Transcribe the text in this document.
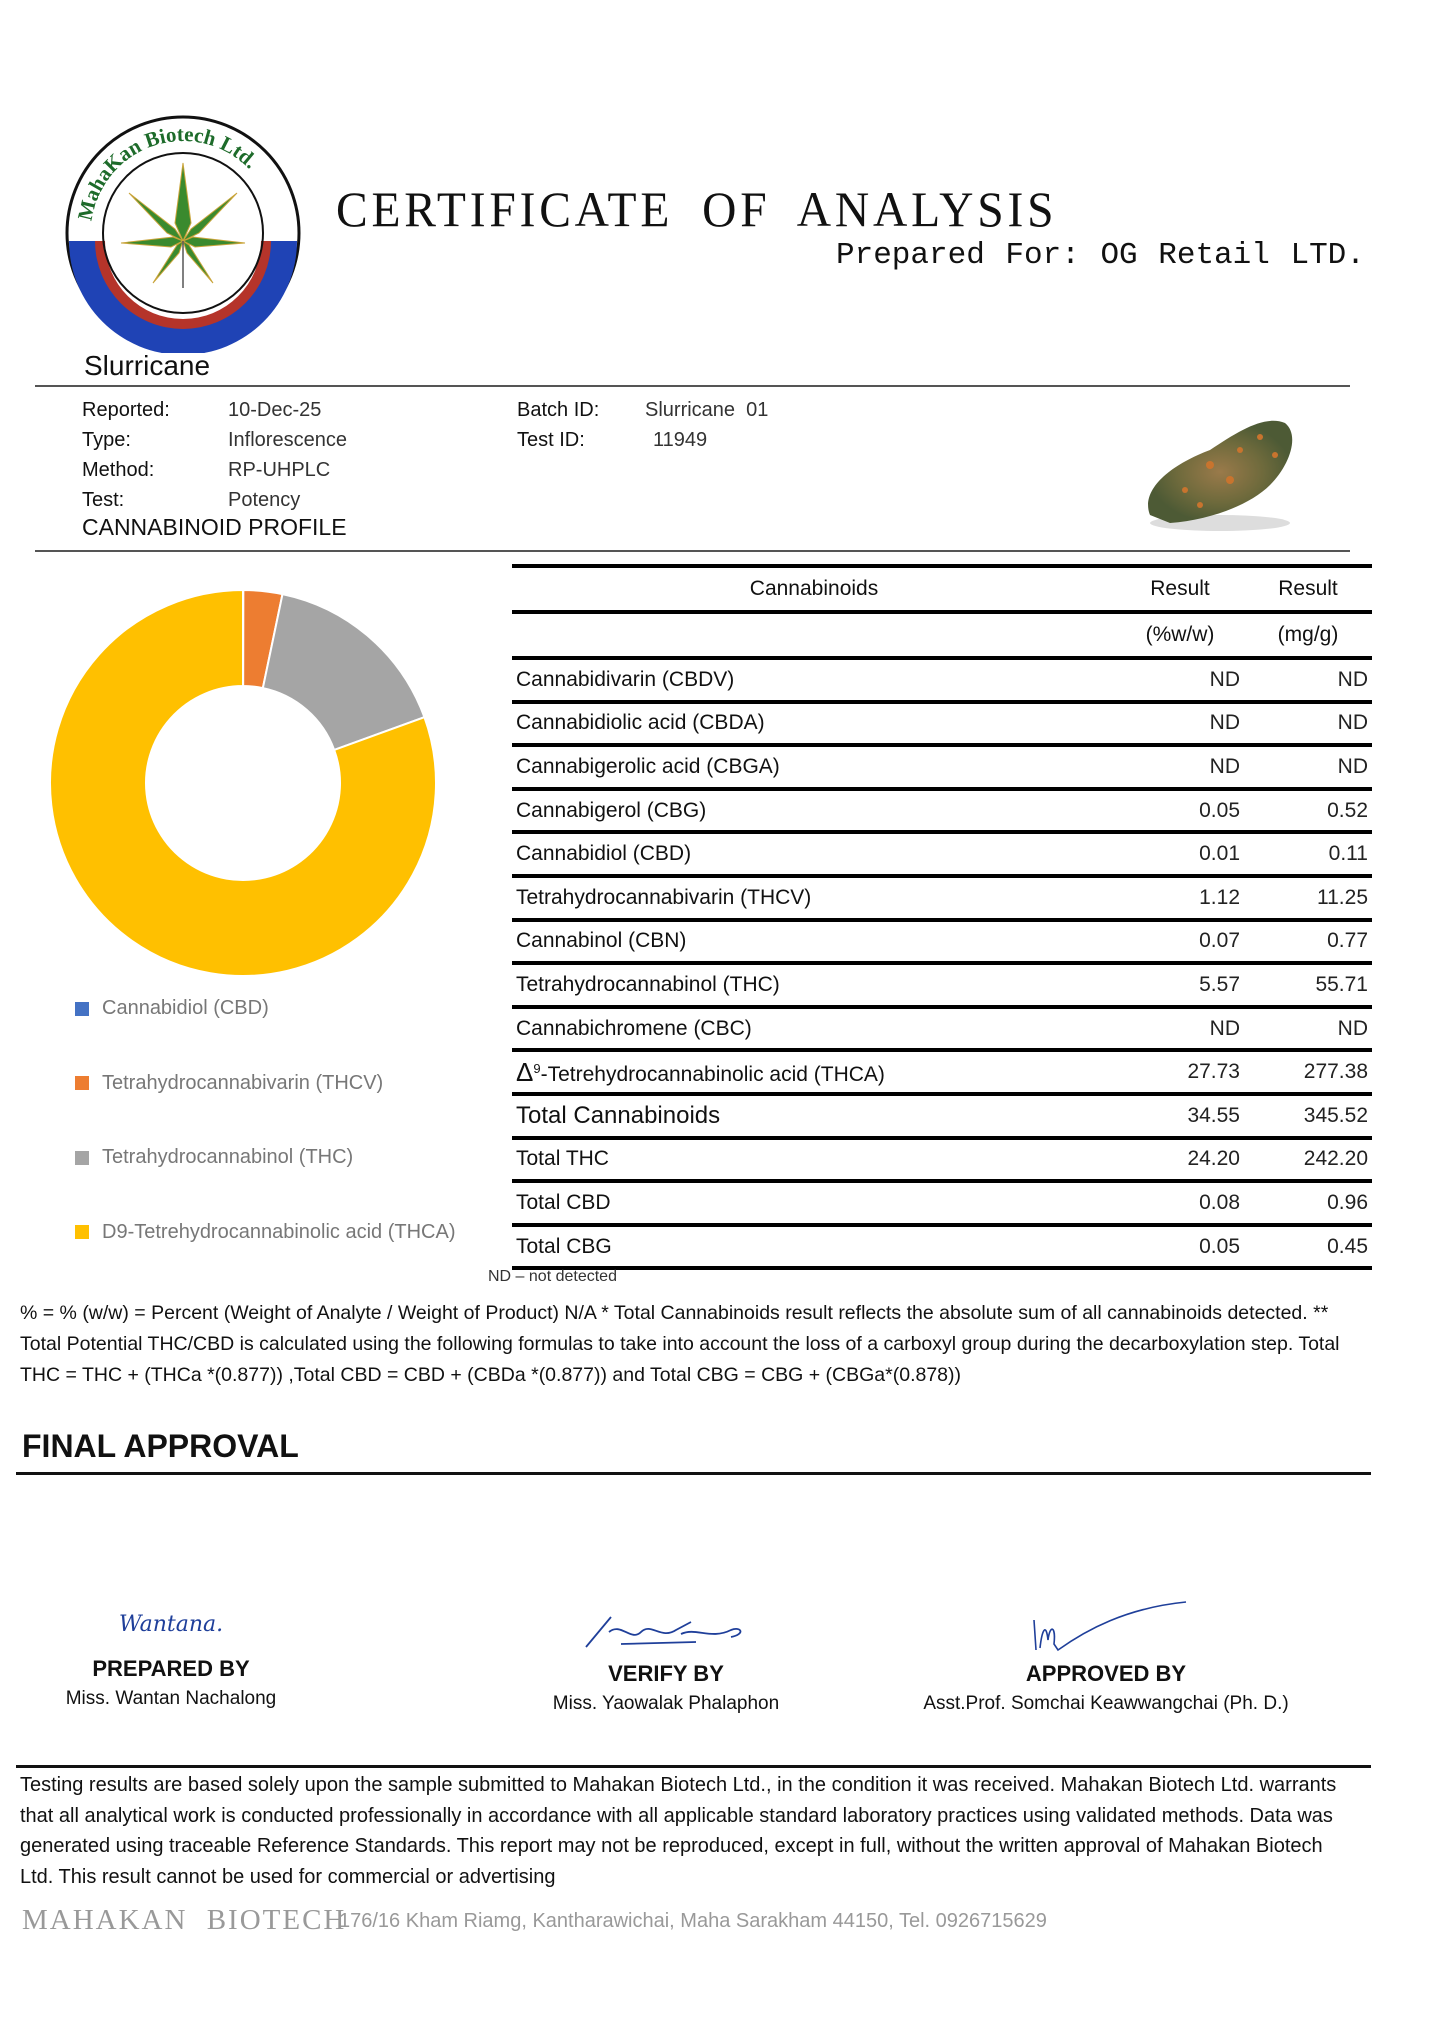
MahaKan Biotech Ltd.
CERTIFICATE OF ANALYSIS
Prepared For: OG Retail LTD.
Slurricane
Reported:	10-Dec-25
Type:	Inflorescence
Method:	RP-UHPLC
Test:	Potency
Batch ID:	Slurricane  01
Test ID:	11949
CANNABINOID PROFILE
Cannabidiol (CBD)
Tetrahydrocannabivarin (THCV)
Tetrahydrocannabinol (THC)
D9-Tetrehydrocannabinolic acid (THCA)
Cannabinoids	Result	Result
	(%w/w)	(mg/g)
Cannabidivarin (CBDV)	ND	ND
Cannabidiolic acid (CBDA)	ND	ND
Cannabigerolic acid (CBGA)	ND	ND
Cannabigerol (CBG)	0.05	0.52
Cannabidiol (CBD)	0.01	0.11
Tetrahydrocannabivarin (THCV)	1.12	11.25
Cannabinol (CBN)	0.07	0.77
Tetrahydrocannabinol (THC)	5.57	55.71
Cannabichromene (CBC)	ND	ND
$\Delta^9$-Tetrehydrocannabinolic acid (THCA)	27.73	277.38
Total Cannabinoids	34.55	345.52
Total THC	24.20	242.20
Total CBD	0.08	0.96
Total CBG	0.05	0.45
ND – not detected
% = % (w/w) = Percent (Weight of Analyte / Weight of Product) N/A * Total Cannabinoids result reflects the absolute sum of all cannabinoids detected. ** Total Potential THC/CBD is calculated using the following formulas to take into account the loss of a carboxyl group during the decarboxylation step. Total THC = THC + (THCa *(0.877)) ,Total CBD = CBD + (CBDa *(0.877)) and Total CBG = CBG + (CBGa*(0.878))
FINAL APPROVAL
Wantana.
PREPARED BY
Miss. Wantan Nachalong
VERIFY BY
Miss. Yaowalak Phalaphon
APPROVED BY
Asst.Prof. Somchai Keawwangchai (Ph. D.)
Testing results are based solely upon the sample submitted to Mahakan Biotech Ltd., in the condition it was received. Mahakan Biotech Ltd. warrants that all analytical work is conducted professionally in accordance with all applicable standard laboratory practices using validated methods. Data was generated using traceable Reference Standards. This report may not be reproduced, except in full, without the written approval of Mahakan Biotech Ltd. This result cannot be used for commercial or advertising
MAHAKAN BIOTECH
176/16 Kham Riamg, Kantharawichai, Maha Sarakham 44150, Tel. 0926715629
